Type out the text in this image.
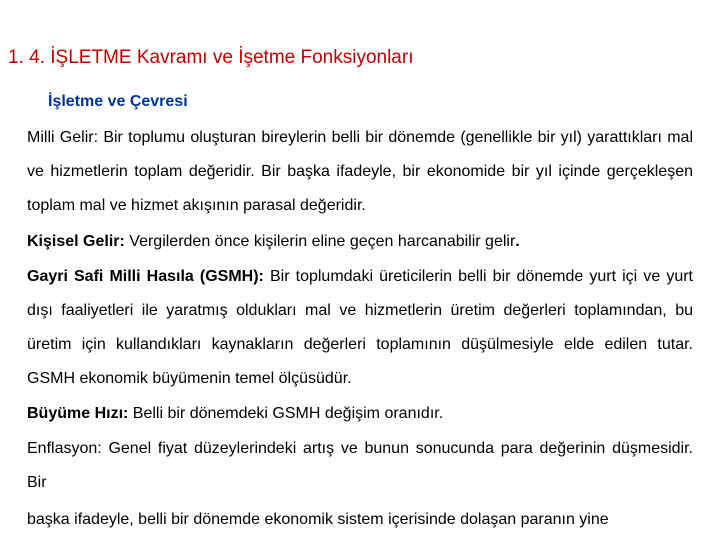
1. 4. İŞLETME Kavramı ve İşetme Fonksiyonları
İşletme ve Çevresi

Milli Gelir: Bir toplumu oluşturan bireylerin belli bir dönemde (genellikle bir yıl) yarattıkları mal ve hizmetlerin toplam değeridir. Bir başka ifadeyle, bir ekonomide bir yıl içinde gerçekleşen toplam mal ve hizmet akışının parasal değeridir.

Kişisel Gelir: Vergilerden önce kişilerin eline geçen harcanabilir gelir.

Gayri Safi Milli Hasıla (GSMH): Bir toplumdaki üreticilerin belli bir dönemde yurt içi ve yurt dışı faaliyetleri ile yaratmış oldukları mal ve hizmetlerin üretim değerleri toplamından, bu üretim için kullandıkları kaynakların değerleri toplamının düşülmesiyle elde edilen tutar. GSMH ekonomik büyümenin temel ölçüsüdür.

Büyüme Hızı: Belli bir dönemdeki GSMH değişim oranıdır.

Enflasyon: Genel fiyat düzeylerindeki artış ve bunun sonucunda para değerinin düşmesidir. Bir

başka ifadeyle, belli bir dönemde ekonomik sistem içerisinde dolaşan paranın yine
